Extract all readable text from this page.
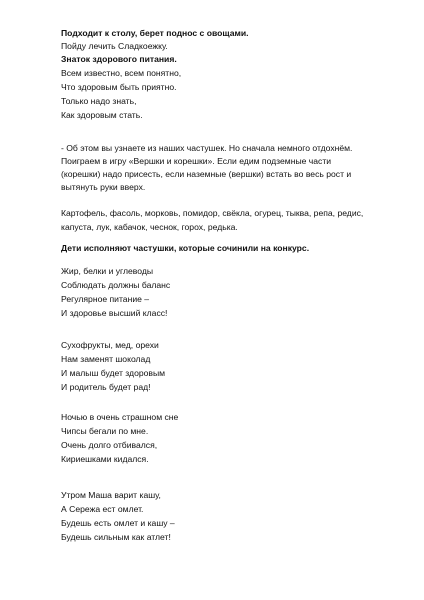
Подходит к столу, берет поднос с овощами.
Пойду лечить Сладкоежку.
Знаток здорового питания.
Всем известно, всем понятно,
Что здоровым быть приятно.
Только надо знать,
Как здоровым стать.
- Об этом вы узнаете из наших частушек. Но сначала немного отдохнём.
Поиграем в игру «Вершки и корешки». Если едим подземные части
(корешки) надо присесть, если наземные (вершки) встать во весь рост и
вытянуть руки вверх.
Картофель, фасоль, морковь, помидор, свёкла, огурец, тыква, репа, редис,
капуста, лук, кабачок, чеснок, горох, редька.
Дети исполняют частушки, которые сочинили на конкурс.
Жир, белки и углеводы
Соблюдать должны баланс
Регулярное питание –
И здоровье высший класс!
Сухофрукты, мед, орехи
Нам заменят шоколад
И малыш будет здоровым
И родитель будет рад!
Ночью в очень страшном сне
Чипсы бегали по мне.
Очень долго отбивался,
Кириешками кидался.
Утром Маша варит кашу,
А Сережа ест омлет.
Будешь есть омлет и кашу –
Будешь сильным как атлет!
